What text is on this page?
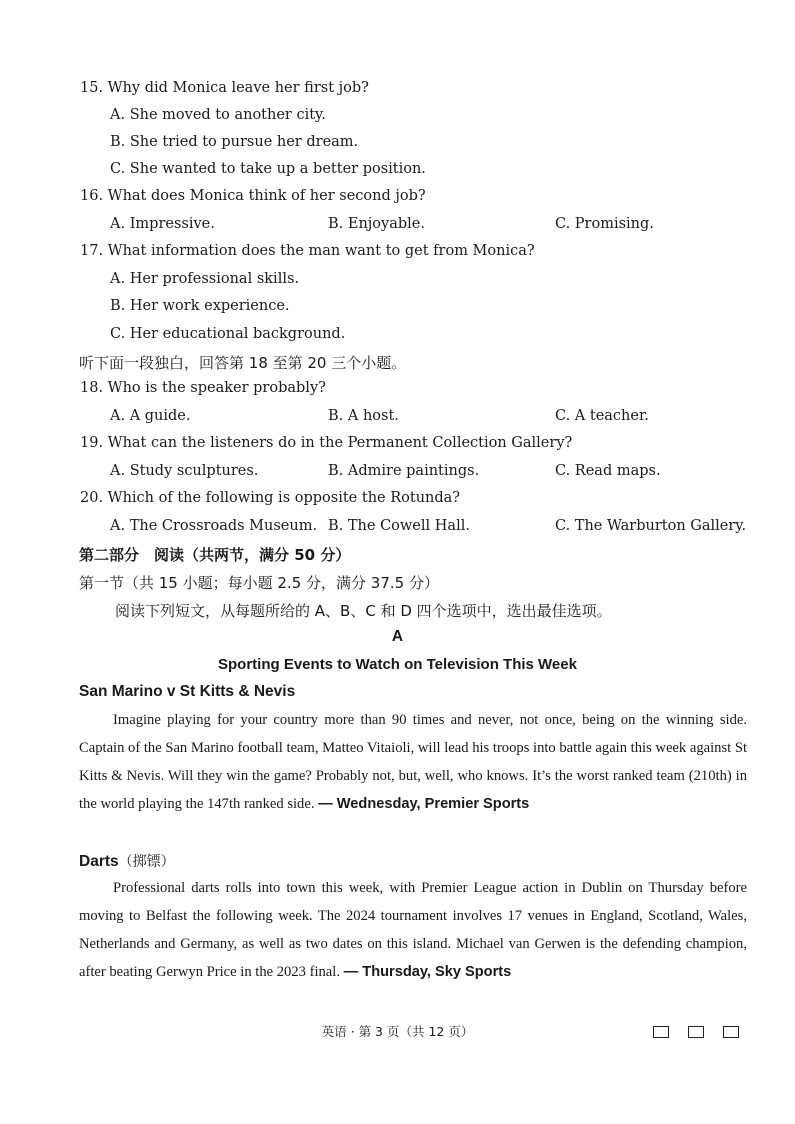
15. Why did Monica leave her first job?
A. She moved to another city.
B. She tried to pursue her dream.
C. She wanted to take up a better position.
16. What does Monica think of her second job?
A. Impressive.	B. Enjoyable.	C. Promising.
17. What information does the man want to get from Monica?
A. Her professional skills.
B. Her work experience.
C. Her educational background.
听下面一段独白，回答第 18 至第 20 三个小题。
18. Who is the speaker probably?
A. A guide.	B. A host.	C. A teacher.
19. What can the listeners do in the Permanent Collection Gallery?
A. Study sculptures.	B. Admire paintings.	C. Read maps.
20. Which of the following is opposite the Rotunda?
A. The Crossroads Museum. B. The Cowell Hall.	C. The Warburton Gallery.
第二部分　阅读（共两节，满分 50 分）
第一节（共 15 小题；每小题 2.5 分，满分 37.5 分）
阅读下列短文，从每题所给的 A、B、C 和 D 四个选项中，选出最佳选项。
A
Sporting Events to Watch on Television This Week
San Marino v St Kitts & Nevis
Imagine playing for your country more than 90 times and never, not once, being on the winning side. Captain of the San Marino football team, Matteo Vitaioli, will lead his troops into battle again this week against St Kitts & Nevis. Will they win the game? Probably not, but, well, who knows. It’s the worst ranked team (210th) in the world playing the 147th ranked side. — Wednesday, Premier Sports
Darts（掷镖）
Professional darts rolls into town this week, with Premier League action in Dublin on Thursday before moving to Belfast the following week. The 2024 tournament involves 17 venues in England, Scotland, Wales, Netherlands and Germany, as well as two dates on this island. Michael van Gerwen is the defending champion, after beating Gerwyn Price in the 2023 final. — Thursday, Sky Sports
英语 · 第 3 页（共 12 页）
